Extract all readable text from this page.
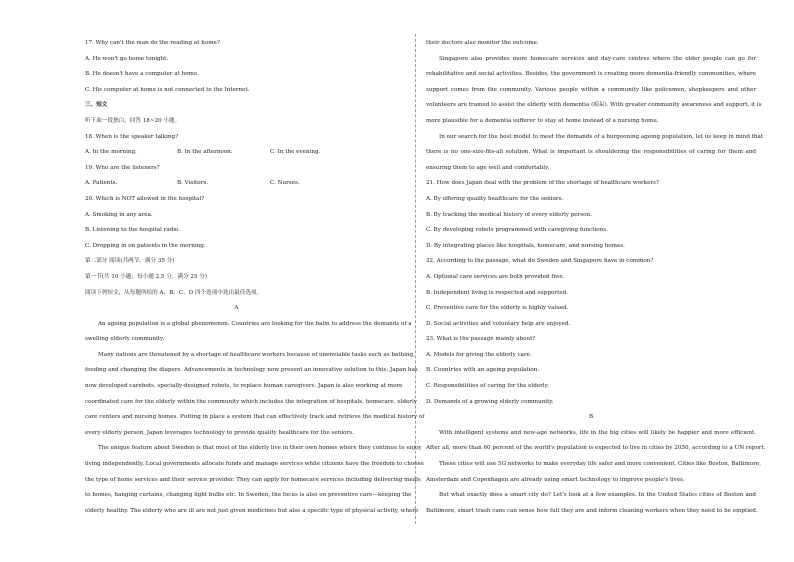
17. Why can't the man do the reading at home?
A. He won't go home tonight.
B. He doesn't have a computer at home.
C. His computer at home is not connected to the Internet.
三、短文
听下面一段独白，回答 18~20 小题。
18. When is the speaker talking?
A. In the morning.	B. In the afternoon.	C. In the evening.
19. Who are the listeners?
A. Patients.	B. Visitors.	C. Nurses.
20. Which is NOT allowed in the hospital?
A. Smoking in any area.
B. Listening to the hospital radio.
C. Dropping in on patients in the morning.
第二部分 阅读(共两节，满分 35 分)
第一节(共 10 小题；每小题 2.5 分，满分 25 分)
阅读下列短文，从每题所给的 A、B、C、D 四个选项中选出最佳选项。
A
An ageing population is a global phenomenon. Countries are looking for the balm to address the demands of a
swelling elderly community.
Many nations are threatened by a shortage of healthcare workers because of unenviable tasks such as bathing,
feeding and changing the diapers. Advancements in technology now present an innovative solution to this. Japan has
now developed carebots, specially-designed robots, to replace human caregivers. Japan is also working at more
coordinated care for the elderly within the community which includes the integration of hospitals, homecare, elderly
care centers and nursing homes. Putting in place a system that can effectively track and retrieve the medical history of
every elderly person, Japan leverages technology to provide quality healthcare for the seniors.
The unique feature about Sweden is that most of the elderly live in their own homes where they continue to enjoy
living independently. Local governments allocate funds and manage services while citizens have the freedom to choose
the type of home services and their service provider. They can apply for homecare services including delivering meals
to homes, hanging curtains, changing light bulbs etc. In Sweden, the focus is also on preventive care—keeping the
elderly healthy. The elderly who are ill are not just given medicines but also a specific type of physical activity, where
their doctors also monitor the outcome.
Singapore also provides more homecare services and day-care centres where the older people can go for
rehabilitative and social activities. Besides, the government is creating more dementia-friendly communities, where
support comes from the community. Various people within a community like policemen, shopkeepers and other
volunteers are trained to assist the elderly with dementia (痴呆). With greater community awareness and support, it is
more plausible for a dementia sufferer to stay at home instead of a nursing home.
In our search for the best model to meet the demands of a burgeoning ageing population, let us keep in mind that
there is no one-size-fits-all solution. What is important is shouldering the responsibilities of caring for them and
ensuring them to age well and comfortably.
21. How does Japan deal with the problem of the shortage of healthcare workers?
A. By offering quality healthcare for the seniors.
B. By tracking the medical history of every elderly person.
C. By developing robots programmed with caregiving functions.
D. By integrating places like hospitals, homecare, and nursing homes.
22. According to the passage, what do Sweden and Singapore have in common?
A. Optional care services are both provided free.
B. Independent living is respected and supported.
C. Preventive care for the elderly is highly valued.
D. Social activities and voluntary help are enjoyed.
23. What is the passage mainly about?
A. Models for giving the elderly care.
B. Countries with an ageing population.
C. Responsibilities of caring for the elderly.
D. Demands of a growing elderly community.
B
With intelligent systems and new-age networks, life in the big cities will likely be happier and more efficient.
After all, more than 60 percent of the world's population is expected to live in cities by 2050, according to a UN report.
These cities will use 5G networks to make everyday life safer and more convenient. Cities like Boston, Baltimore,
Amsterdam and Copenhagen are already using smart technology to improve people's lives.
But what exactly does a smart city do? Let's look at a few examples. In the United States cities of Boston and
Baltimore, smart trash cans can sense how full they are and inform cleaning workers when they need to be emptied.
